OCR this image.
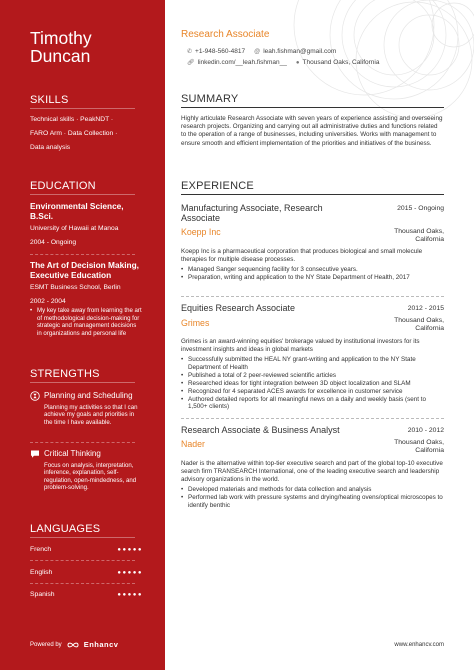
Timothy
Duncan
SKILLS
Technical skills · PeakNDT ·
FARO Arm · Data Collection ·
Data analysis
EDUCATION
Environmental Science,
B.Sci.
University of Hawaii at Manoa
2004 - Ongoing
The Art of Decision Making,
Executive Education
ESMT Business School, Berlin
2002 - 2004
• My key take away from learning the art of methodological decision-making for strategic and management decisions in organizations and personal life
STRENGTHS
Planning and Scheduling
Planning my activities so that I can achieve my goals and priorities in the time I have available.
Critical Thinking
Focus on analysis, interpretation, inference, explanation, self-regulation, open-mindedness, and problem-solving.
LANGUAGES
French	●●●●●
English	●●●●●
Spanish	●●●●●
Powered by	Enhancv
Research Associate
✆ +1-948-560-4817 @ leah.fishman@gmail.com
🔗︎ linkedin.com/__leah.fishman__ ● Thousand Oaks, California
SUMMARY
Highly articulate Research Associate with seven years of experience assisting and overseeing research projects. Organizing and carrying out all administrative duties and functions related to the operation of a range of businesses, including universities. Works with management to ensure smooth and efficient implementation of the priorities and initiatives of the business.
EXPERIENCE
Manufacturing Associate, Research Associate
2015 - Ongoing
Koepp Inc	Thousand Oaks, California
Koepp Inc is a pharmaceutical corporation that produces biological and small molecule therapies for multiple disease processes.
• Managed Sanger sequencing facility for 3 consecutive years.
• Preparation, writing and application to the NY State Department of Health, 2017
Equities Research Associate	2012 - 2015
Grimes	Thousand Oaks, California
Grimes is an award-winning equities' brokerage valued by institutional investors for its investment insights and ideas in global markets
• Successfully submitted the HEAL NY grant-writing and application to the NY State Department of Health
• Published a total of 2 peer-reviewed scientific articles
• Researched ideas for tight integration between 3D object localization and SLAM
• Recognized for 4 separated ACES awards for excellence in customer service
• Authored detailed reports for all meaningful news on a daily and weekly basis (sent to 1,500+ clients)
Research Associate & Business Analyst	2010 - 2012
Nader	Thousand Oaks, California
Nader is the alternative within top-tier executive search and part of the global top-10 executive search firm TRANSEARCH International, one of the leading executive search and leadership advisory organizations in the world.
• Developed materials and methods for data collection and analysis
• Performed lab work with pressure systems and drying/heating ovens/optical microscopes to identify benthic
www.enhancv.com
